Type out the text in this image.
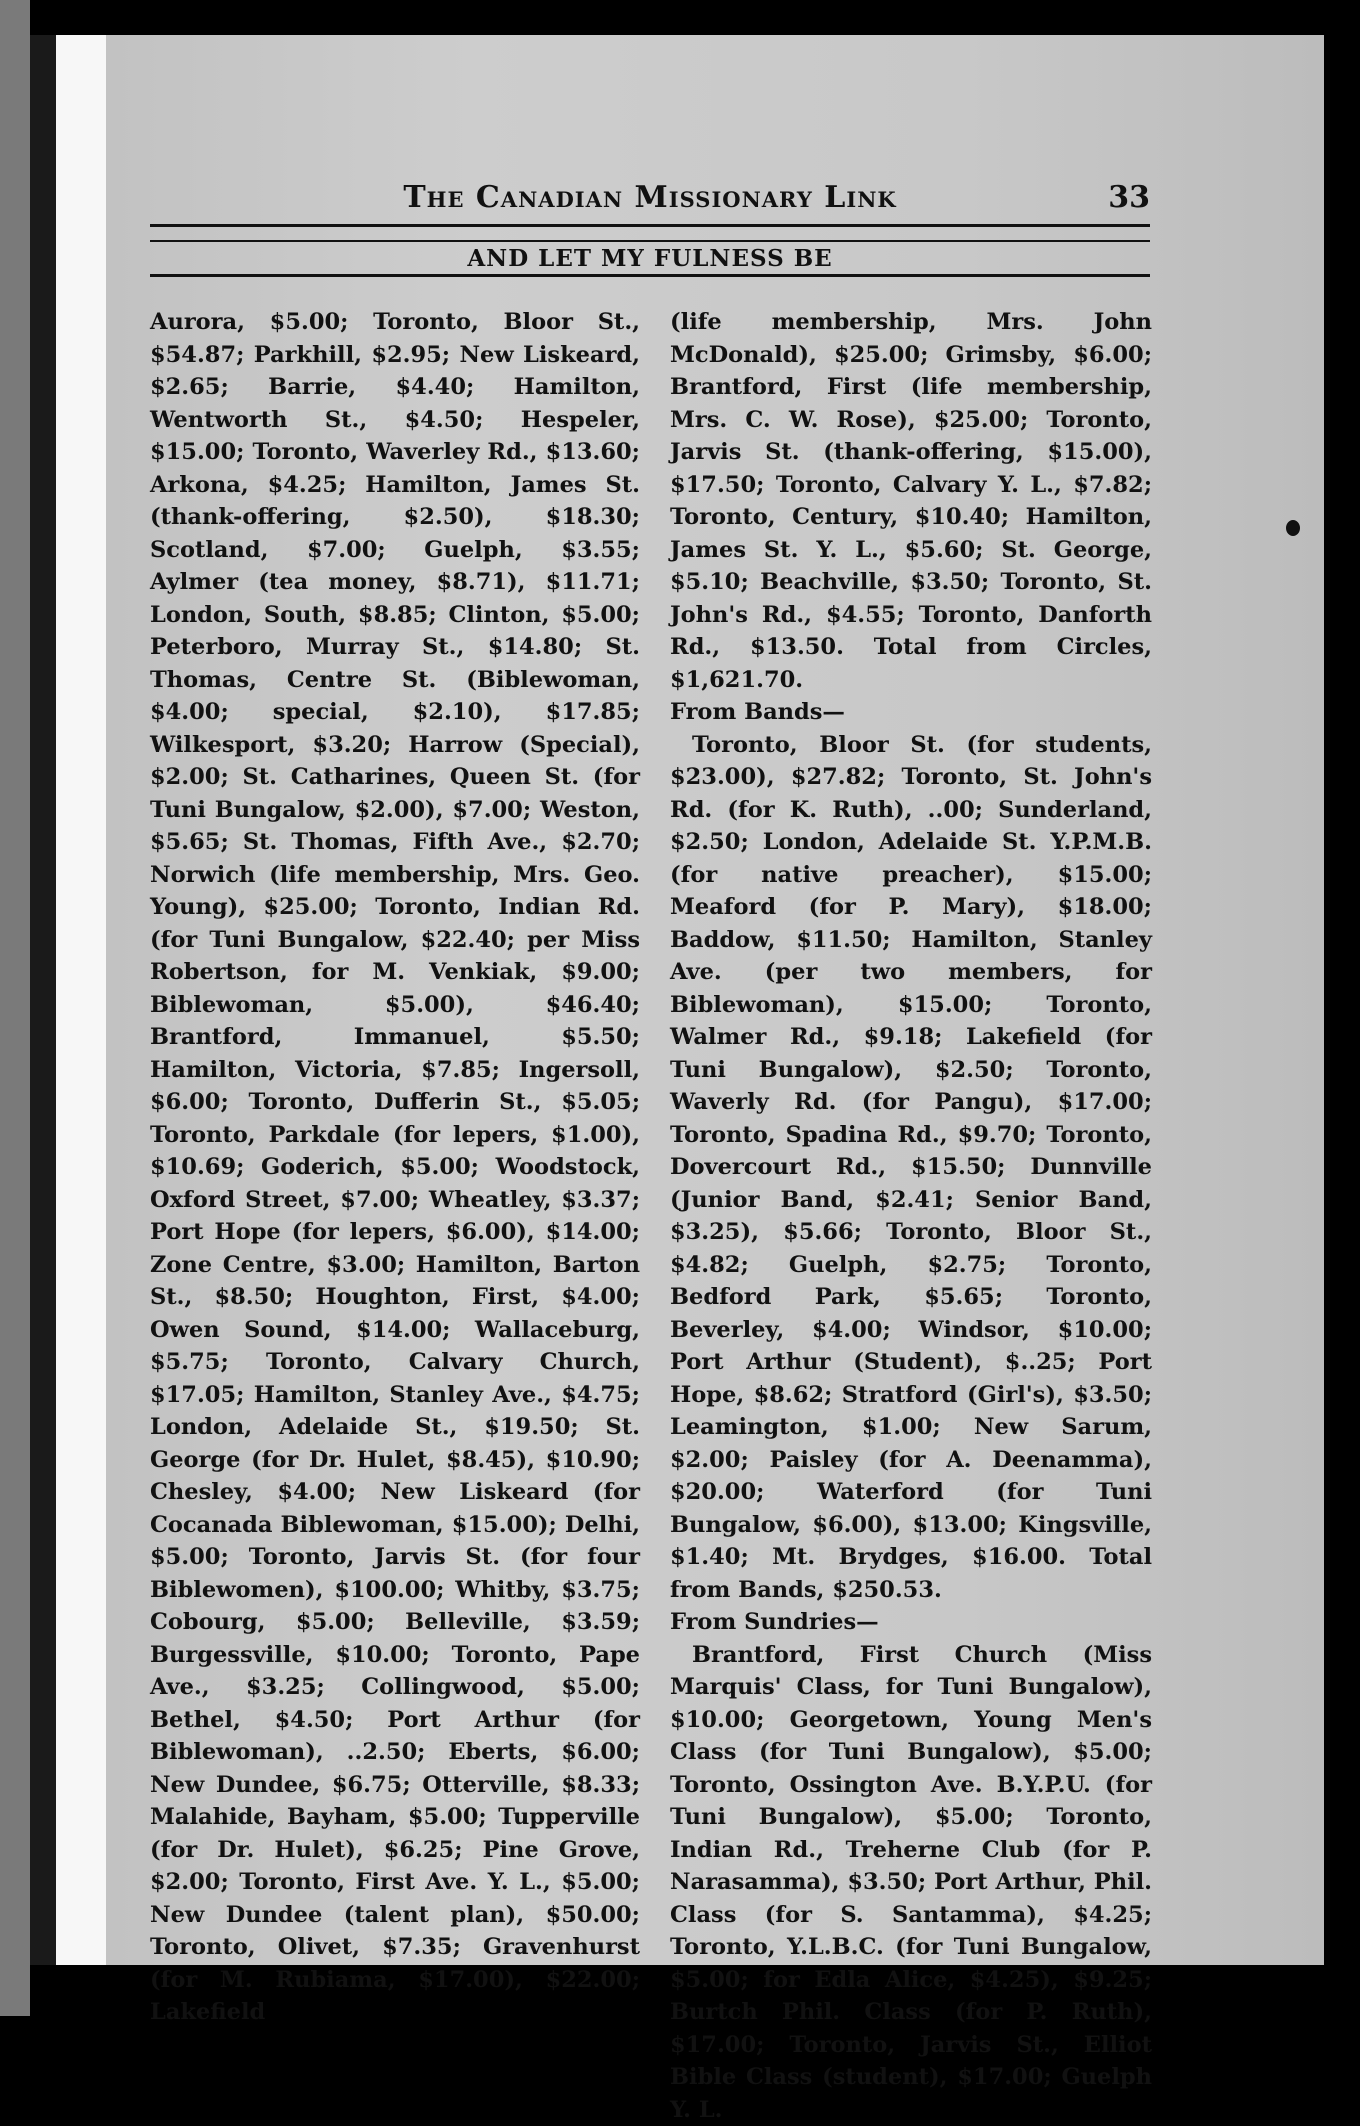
The Canadian Missionary Link	33
AND LET MY FULNESS BE

Aurora, $5.00; Toronto, Bloor St., $54.87; Parkhill, $2.95; New Liskeard, $2.65; Barrie, $4.40; Hamilton, Wentworth St., $4.50; Hespeler, $15.00; Toronto, Waverley Rd., $13.60; Arkona, $4.25; Hamilton, James St. (thank-offering, $2.50), $18.30; Scotland, $7.00; Guelph, $3.55; Aylmer (tea money, $8.71), $11.71; London, South, $8.85; Clinton, $5.00; Peterboro, Murray St., $14.80; St. Thomas, Centre St. (Biblewoman, $4.00; special, $2.10), $17.85; Wilkesport, $3.20; Harrow (Special), $2.00; St. Catharines, Queen St. (for Tuni Bungalow, $2.00), $7.00; Weston, $5.65; St. Thomas, Fifth Ave., $2.70; Norwich (life membership, Mrs. Geo. Young), $25.00; Toronto, Indian Rd. (for Tuni Bungalow, $22.40; per Miss Robertson, for M. Venkiak, $9.00; Biblewoman, $5.00), $46.40; Brantford, Immanuel, $5.50; Hamilton, Victoria, $7.85; Ingersoll, $6.00; Toronto, Dufferin St., $5.05; Toronto, Parkdale (for lepers, $1.00), $10.69; Goderich, $5.00; Woodstock, Oxford Street, $7.00; Wheatley, $3.37; Port Hope (for lepers, $6.00), $14.00; Zone Centre, $3.00; Hamilton, Barton St., $8.50; Houghton, First, $4.00; Owen Sound, $14.00; Wallaceburg, $5.75; Toronto, Calvary Church, $17.05; Hamilton, Stanley Ave., $4.75; London, Adelaide St., $19.50; St. George (for Dr. Hulet, $8.45), $10.90; Chesley, $4.00; New Liskeard (for Cocanada Biblewoman, $15.00); Delhi, $5.00; Toronto, Jarvis St. (for four Biblewomen), $100.00; Whitby, $3.75; Cobourg, $5.00; Belleville, $3.59; Burgessville, $10.00; Toronto, Pape Ave., $3.25; Collingwood, $5.00; Bethel, $4.50; Port Arthur (for Biblewoman), ..2.50; Eberts, $6.00; New Dundee, $6.75; Otterville, $8.33; Malahide, Bayham, $5.00; Tupperville (for Dr. Hulet), $6.25; Pine Grove, $2.00; Toronto, First Ave. Y. L., $5.00; New Dundee (talent plan), $50.00; Toronto, Olivet, $7.35; Gravenhurst (for M. Rubiama, $17.00), $22.00; Lakefield

(life membership, Mrs. John McDonald), $25.00; Grimsby, $6.00; Brantford, First (life membership, Mrs. C. W. Rose), $25.00; Toronto, Jarvis St. (thank-offering, $15.00), $17.50; Toronto, Calvary Y. L., $7.82; Toronto, Century, $10.40; Hamilton, James St. Y. L., $5.60; St. George, $5.10; Beachville, $3.50; Toronto, St. John's Rd., $4.55; Toronto, Danforth Rd., $13.50. Total from Circles, $1,621.70.

From Bands—

Toronto, Bloor St. (for students, $23.00), $27.82; Toronto, St. John's Rd. (for K. Ruth), ..00; Sunderland, $2.50; London, Adelaide St. Y.P.M.B. (for native preacher), $15.00; Meaford (for P. Mary), $18.00; Baddow, $11.50; Hamilton, Stanley Ave. (per two members, for Biblewoman), $15.00; Toronto, Walmer Rd., $9.18; Lakefield (for Tuni Bungalow), $2.50; Toronto, Waverly Rd. (for Pangu), $17.00; Toronto, Spadina Rd., $9.70; Toronto, Dovercourt Rd., $15.50; Dunnville (Junior Band, $2.41; Senior Band, $3.25), $5.66; Toronto, Bloor St., $4.82; Guelph, $2.75; Toronto, Bedford Park, $5.65; Toronto, Beverley, $4.00; Windsor, $10.00; Port Arthur (Student), $..25; Port Hope, $8.62; Stratford (Girl's), $3.50; Leamington, $1.00; New Sarum, $2.00; Paisley (for A. Deenamma), $20.00; Waterford (for Tuni Bungalow, $6.00), $13.00; Kingsville, $1.40; Mt. Brydges, $16.00. Total from Bands, $250.53.

From Sundries—

Brantford, First Church (Miss Marquis' Class, for Tuni Bungalow), $10.00; Georgetown, Young Men's Class (for Tuni Bungalow), $5.00; Toronto, Ossington Ave. B.Y.P.U. (for Tuni Bungalow), $5.00; Toronto, Indian Rd., Treherne Club (for P. Narasamma), $3.50; Port Arthur, Phil. Class (for S. Santamma), $4.25; Toronto, Y.L.B.C. (for Tuni Bungalow, $5.00; for Edla Alice, $4.25), $9.25; Burtch Phil. Class (for P. Ruth), $17.00; Toronto, Jarvis St., Elliot Bible Class (student), $17.00; Guelph Y. L.
